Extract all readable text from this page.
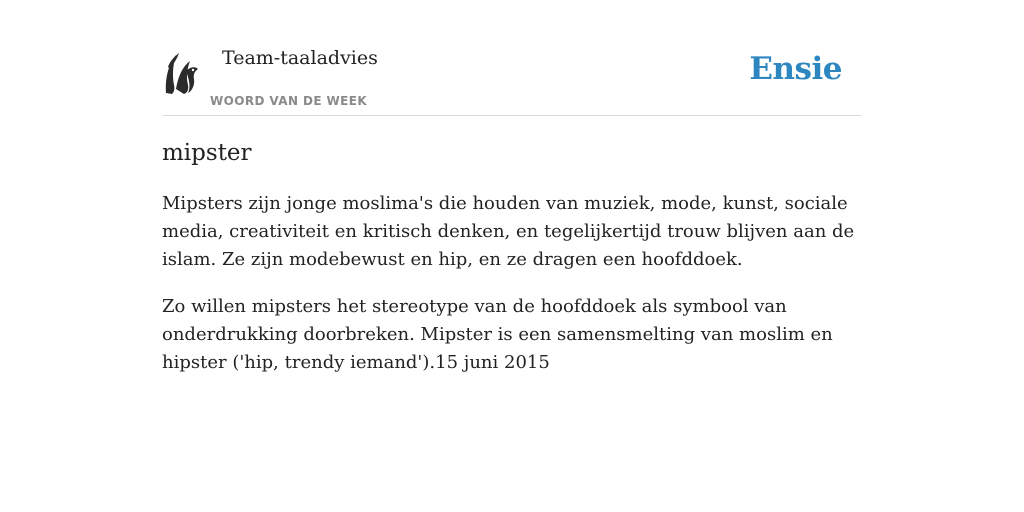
Team-taaladvies
WOORD VAN DE WEEK
Ensie
mipster

Mipsters zijn jonge moslima's die houden van muziek, mode, kunst, sociale media, creativiteit en kritisch denken, en tegelijkertijd trouw blijven aan de islam. Ze zijn modebewust en hip, en ze dragen een hoofddoek.

Zo willen mipsters het stereotype van de hoofddoek als symbool van onderdrukking doorbreken. Mipster is een samensmelting van moslim en hipster ('hip, trendy iemand').15 juni 2015
